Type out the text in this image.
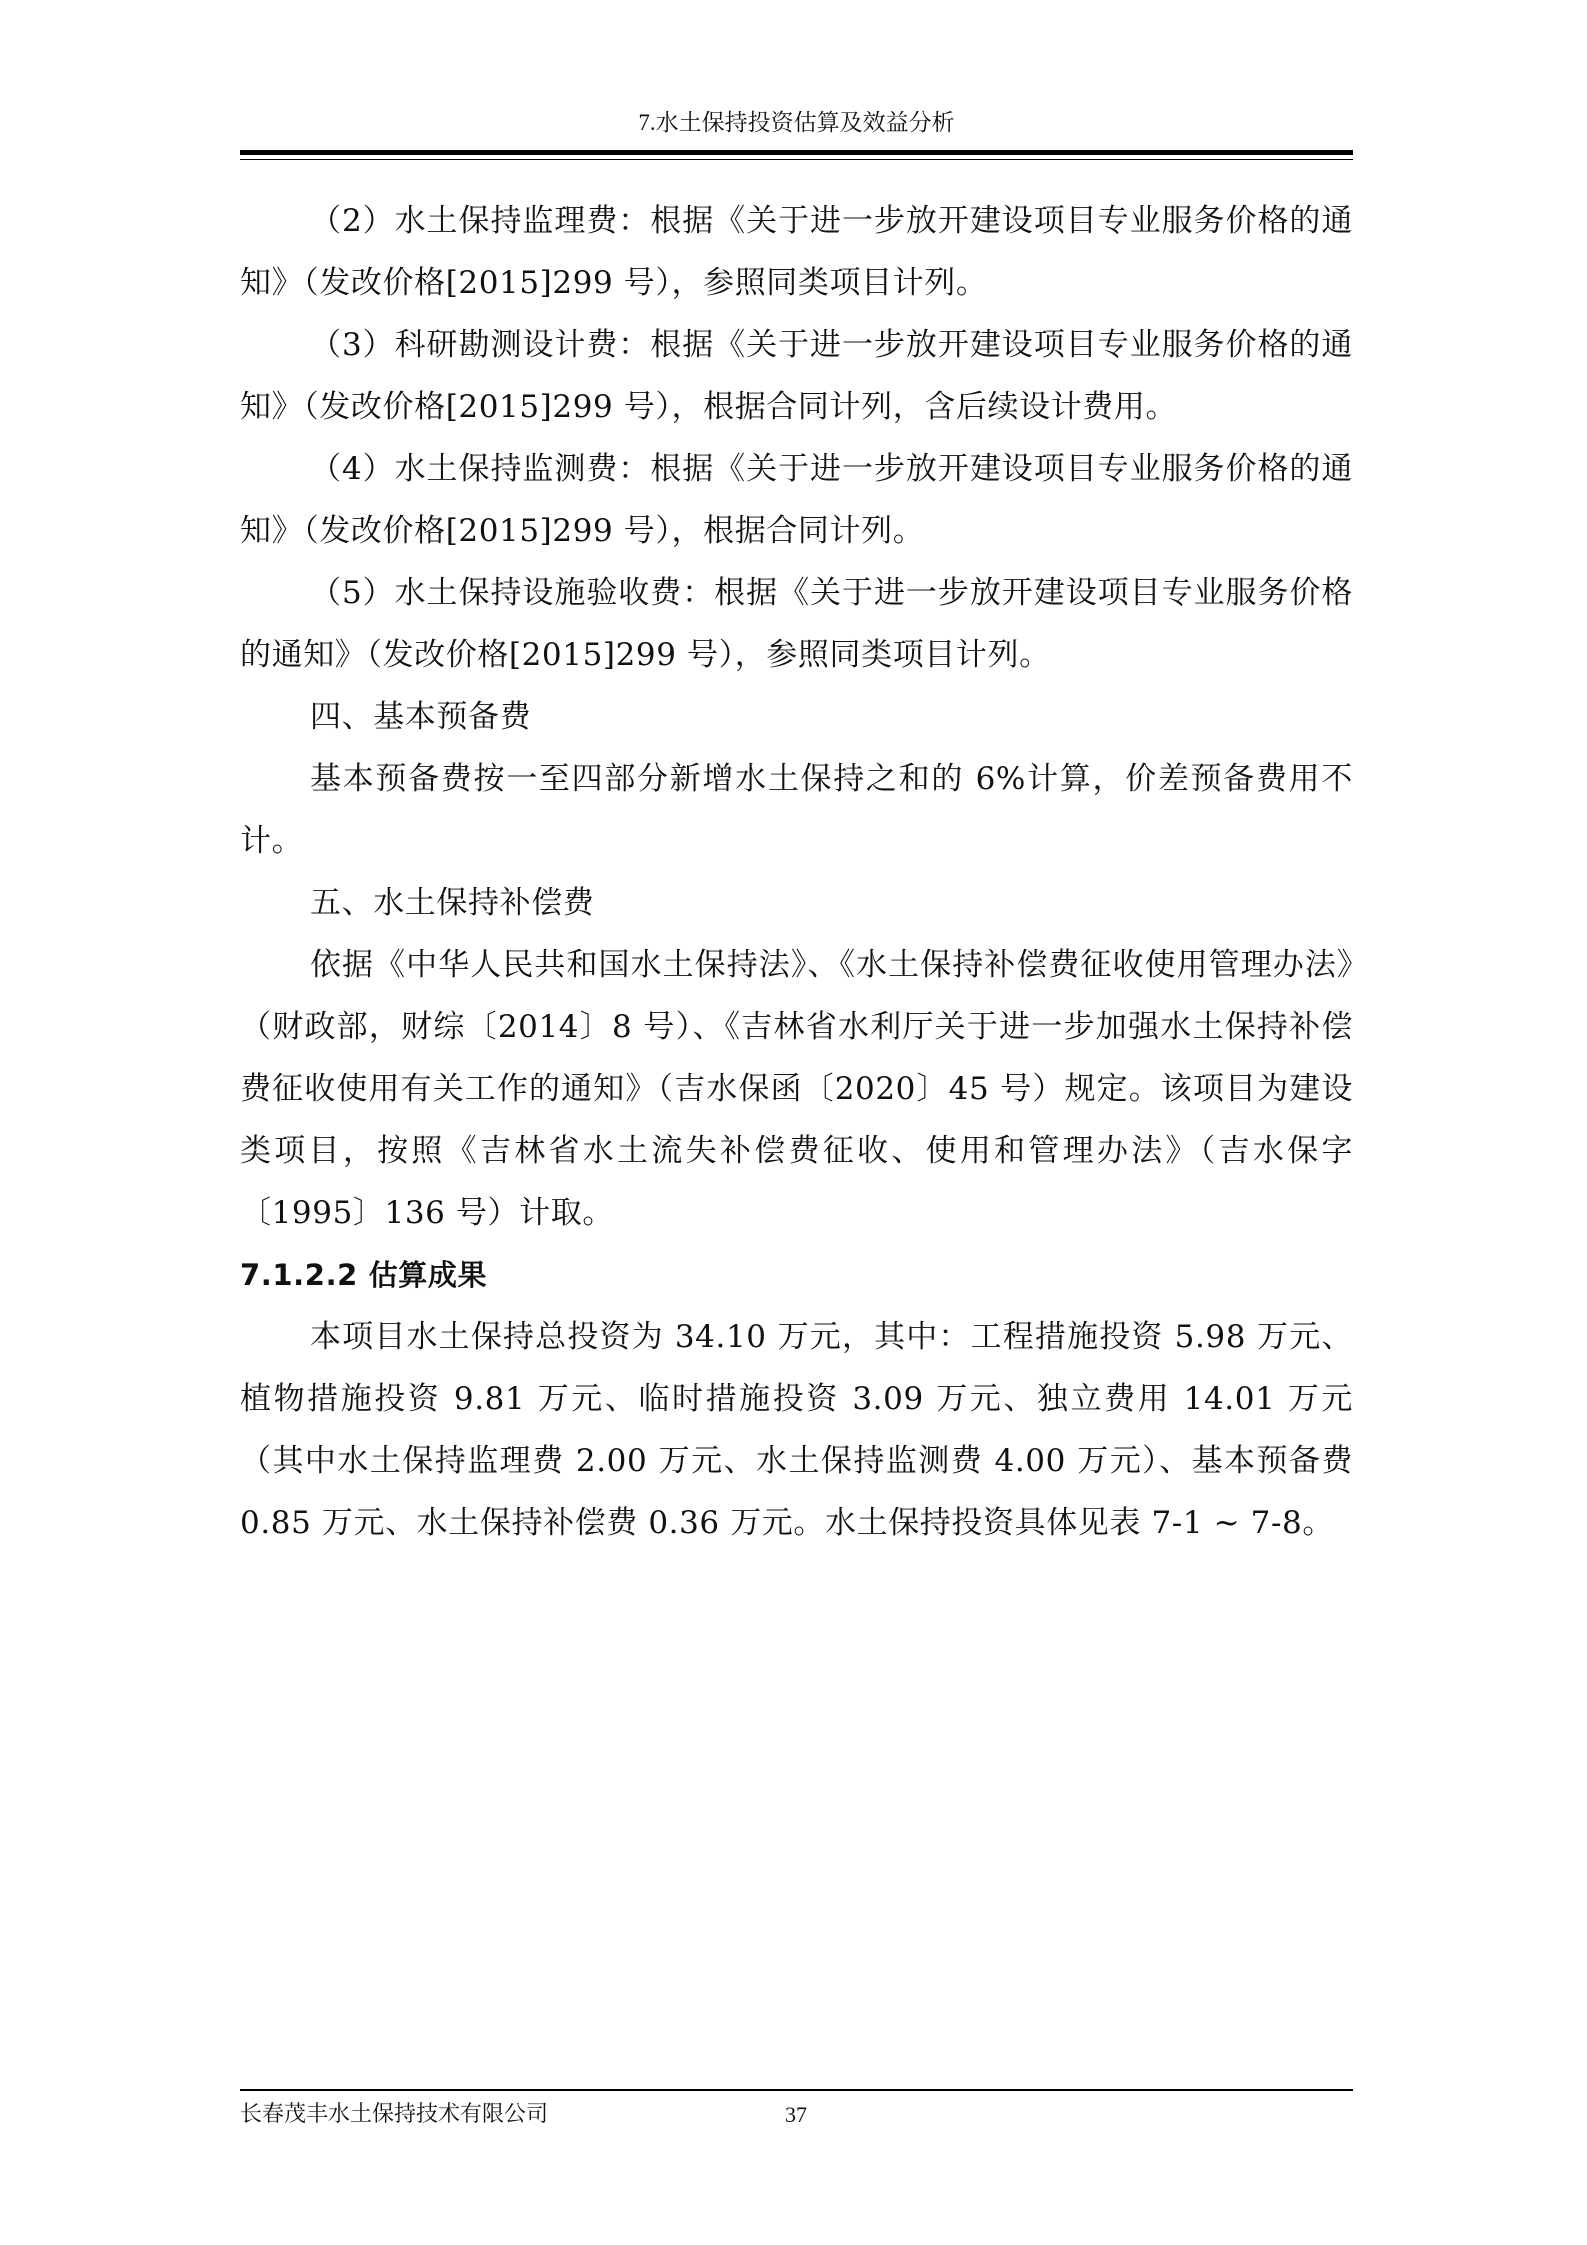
7.水土保持投资估算及效益分析

（2）水土保持监理费：根据《关于进一步放开建设项目专业服务价格的通知》（发改价格[2015]299 号），参照同类项目计列。

（3）科研勘测设计费：根据《关于进一步放开建设项目专业服务价格的通知》（发改价格[2015]299 号），根据合同计列，含后续设计费用。

（4）水土保持监测费：根据《关于进一步放开建设项目专业服务价格的通知》（发改价格[2015]299 号），根据合同计列。

（5）水土保持设施验收费：根据《关于进一步放开建设项目专业服务价格的通知》（发改价格[2015]299 号），参照同类项目计列。

四、基本预备费

基本预备费按一至四部分新增水土保持之和的 6%计算，价差预备费用不计。

五、水土保持补偿费

依据《中华人民共和国水土保持法》、《水土保持补偿费征收使用管理办法》（财政部，财综〔2014〕8 号）、《吉林省水利厅关于进一步加强水土保持补偿费征收使用有关工作的通知》（吉水保函〔2020〕45 号）规定。该项目为建设类项目，按照《吉林省水土流失补偿费征收、使用和管理办法》（吉水保字〔1995〕136 号）计取。

7.1.2.2 估算成果

本项目水土保持总投资为 34.10 万元，其中：工程措施投资 5.98 万元、植物措施投资 9.81 万元、临时措施投资 3.09 万元、独立费用 14.01 万元（其中水土保持监理费 2.00 万元、水土保持监测费 4.00 万元）、基本预备费 0.85 万元、水土保持补偿费 0.36 万元。水土保持投资具体见表 7-1 ~ 7-8。

长春茂丰水土保持技术有限公司	37
